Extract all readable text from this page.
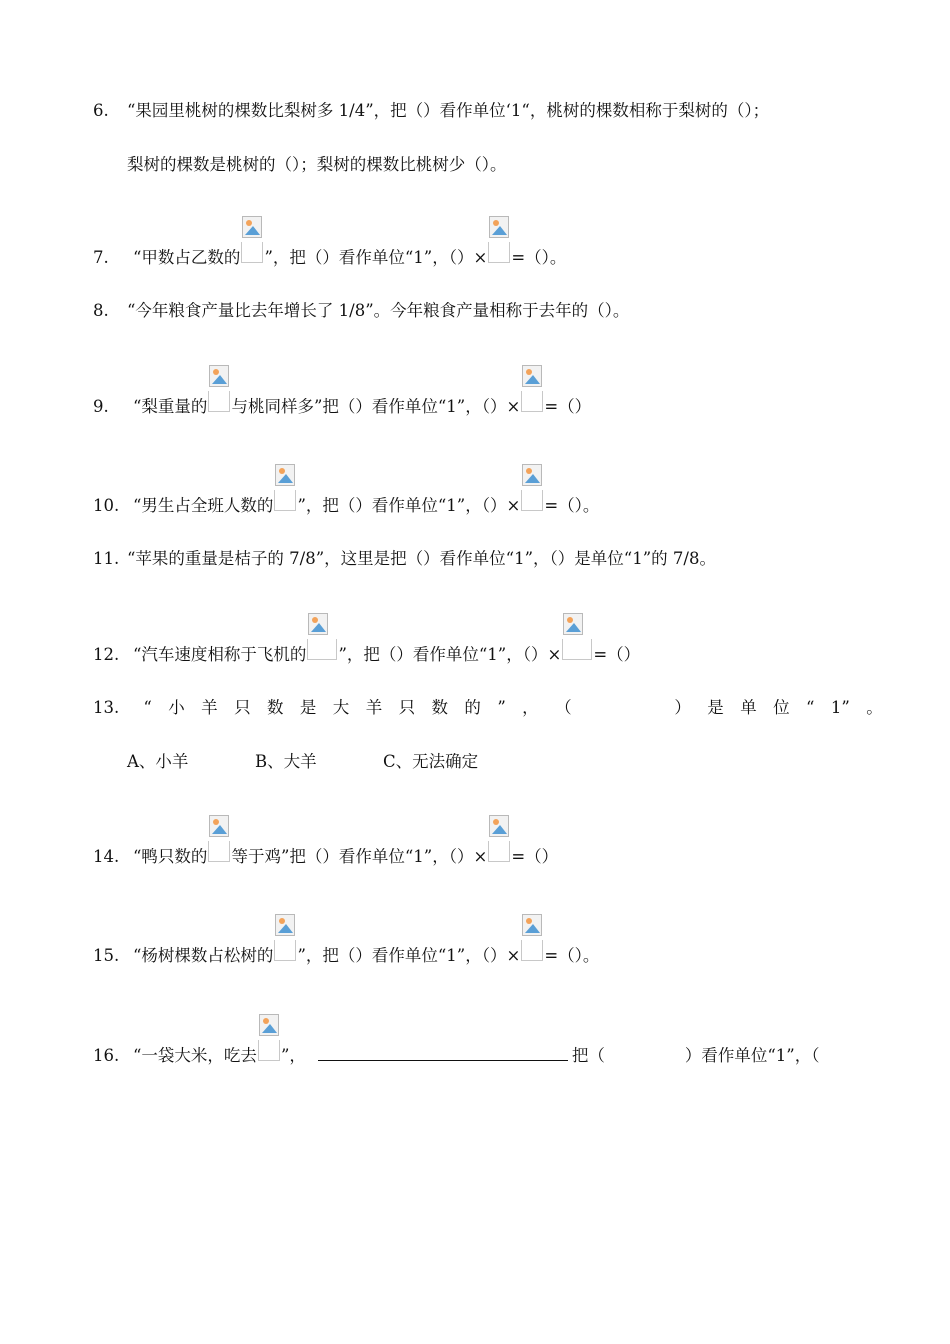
6.	“果园里桃树的棵数比梨树多 1/4”，把（）看作单位‘1“，桃树的棵数相称于梨树的（）；
梨树的棵数是桃树的（）；梨树的棵数比桃树少（）。
7.	“甲数占乙数的 ”，把（）看作单位“1”，（）× =（）。
8.	“今年粮食产量比去年增长了 1/8”。今年粮食产量相称于去年的（）。
9.	“梨重量的 与桃同样多”把（）看作单位“1”，（）× =（）
10. “男生占全班人数的 ”，把（）看作单位“1”，（）× =（）。
11. “苹果的重量是桔子的 7/8”，这里是把（）看作单位“1”，（）是单位“1”的 7/8。
12. “汽车速度相称于飞机的 ”，把（）看作单位“1”，（）× =（）
13.	“ 小 羊 只 数 是 大 羊 只 数 的 ” ， （	） 是 单 位 “ 1” 。
A、小羊	B、大羊	C、无法确定
14. “鸭只数的 等于鸡”把（）看作单位“1”，（）× =（）
15. “杨树棵数占松树的 ”，把（）看作单位“1”，（）× =（）。
16. “一袋大米，吃去 ”，	把（	）看作单位“1”，（
